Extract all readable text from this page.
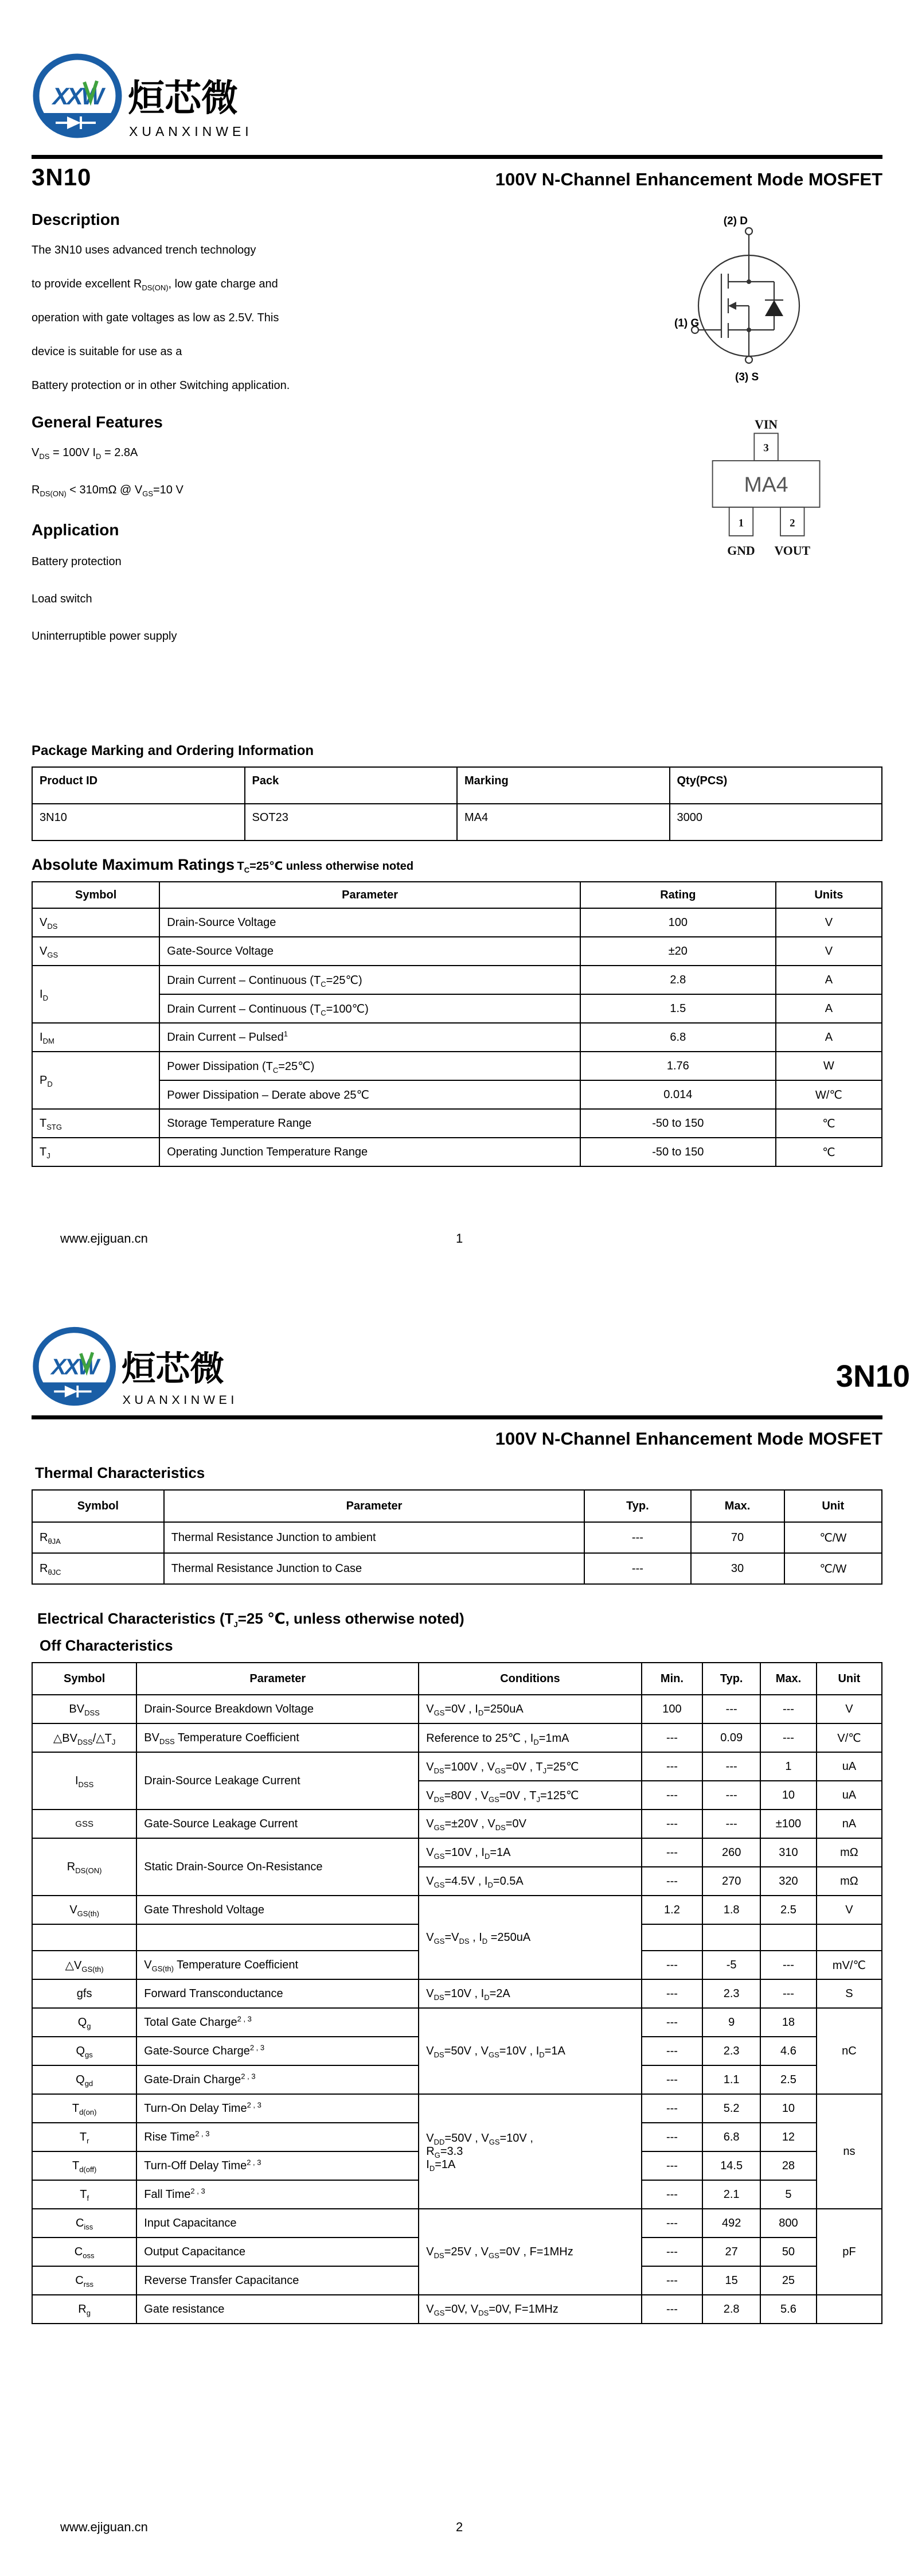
XXW 烜芯微
XUANXINWEI
3N10	100V N-Channel Enhancement Mode MOSFET

Description

The 3N10 uses advanced trench technology

to provide excellent $R_{DS(ON)}$, low gate charge and

operation with gate voltages as low as 2.5V. This

device is suitable for use as a

Battery protection or in other Switching application.

General Features

$V_{DS} = 100V$ $I_D = 2.8A$

$R_{DS(ON)} < 310m\Omega$ @ $V_{GS}=10$ V

Application

Battery protection

Load switch

Uninterruptible power supply

(2) D
(1) G
(3) S

VIN
3
MA4
1	2
GND VOUT
Package Marking and Ordering Information
Product ID	Pack	Marking	Qty(PCS)
3N10	SOT23	MA4	3000
Absolute Maximum Ratings $T_C=25℃$ unless otherwise noted
Symbol	Parameter	Rating	Units
$V_{DS}$	Drain-Source Voltage	100	V
$V_{GS}$	Gate-Source Voltage	±20	V
$I_D$	Drain Current – Continuous $(T_C=25℃)$	2.8	A
	Drain Current – Continuous $(T_C=100℃)$	1.5	A
$I_{DM}$	Drain Current – Pulsed$^1$	6.8	A
$P_D$	Power Dissipation $(T_C=25℃)$	1.76	W
	Power Dissipation – Derate above 25℃	0.014	W/℃
$T_{STG}$	Storage Temperature Range	-50 to 150	℃
$T_J$	Operating Junction Temperature Range	-50 to 150	℃
www.ejiguan.cn	1
XXW 烜芯微
XUANXINWEI
3N10
100V N-Channel Enhancement Mode MOSFET
Thermal Characteristics
Symbol	Parameter	Typ.	Max.	Unit
$R_{\theta JA}$	Thermal Resistance Junction to ambient	---	70	℃/W
$R_{\theta JC}$	Thermal Resistance Junction to Case	---	30	℃/W
Electrical Characteristics ($T_J=25$ ℃, unless otherwise noted)
Off Characteristics
Symbol	Parameter	Conditions	Min.	Typ.	Max.	Unit
$BV_{DSS}$	Drain-Source Breakdown Voltage	$V_{GS}=0V$ , $I_D=250uA$	100	---	---	V
$\triangle BV_{DSS}/\triangle T_J$	$BV_{DSS}$ Temperature Coefficient	Reference to 25℃ , $I_D=1mA$	---	0.09	---	V/℃
$I_{DSS}$	Drain-Source Leakage Current	$V_{DS}=100V$ , $V_{GS}=0V$ , $T_J=25℃$	---	---	1	uA
		$V_{DS}=80V$ , $V_{GS}=0V$ , $T_J=125℃$	---	---	10	uA
GSS	Gate-Source Leakage Current	$V_{GS}=\pm 20V$ , $V_{DS}=0V$	---	---	±100	nA
$R_{DS(ON)}$	Static Drain-Source On-Resistance	$V_{GS}=10V$ , $I_D=1A$	---	260	310	mΩ
		$V_{GS}=4.5V$ , $I_D=0.5A$	---	270	320	mΩ
$V_{GS(th)}$	Gate Threshold Voltage	$V_{GS}=V_{DS}$ , $I_D =250uA$	1.2	1.8	2.5	V

$\triangle V_{GS(th)}$	$V_{GS(th)}$ Temperature Coefficient		---	-5	---	mV/℃
gfs	Forward Transconductance	$V_{DS}=10V$ , $I_D=2A$	---	2.3	---	S
$Q_g$	Total Gate Charge$^{2 , 3}$	$V_{DS}=50V$ , $V_{GS}=10V$ , $I_D=1A$	---	9	18	nC
$Q_{gs}$	Gate-Source Charge$^{2 , 3}$		---	2.3	4.6	
$Q_{gd}$	Gate-Drain Charge$^{2 , 3}$		---	1.1	2.5	
$T_{d(on)}$	Turn-On Delay Time$^{2 , 3}$	$V_{DD}=50V$ , $V_{GS}=10V$ ,
$R_G=3.3$
$I_D=1A$	---	5.2	10	ns
$T_r$	Rise Time$^{2 , 3}$		---	6.8	12	
$T_{d(off)}$	Turn-Off Delay Time$^{2 , 3}$		---	14.5	28	
$T_f$	Fall Time$^{2 , 3}$		---	2.1	5	
$C_{iss}$	Input Capacitance	$V_{DS}=25V$ , $V_{GS}=0V$ , F=1MHz	---	492	800	pF
$C_{oss}$	Output Capacitance		---	27	50	
$C_{rss}$	Reverse Transfer Capacitance		---	15	25	
$R_g$	Gate resistance	$V_{GS}=0V$, $V_{DS}=0V$, F=1MHz	---	2.8	5.6	
www.ejiguan.cn	2
